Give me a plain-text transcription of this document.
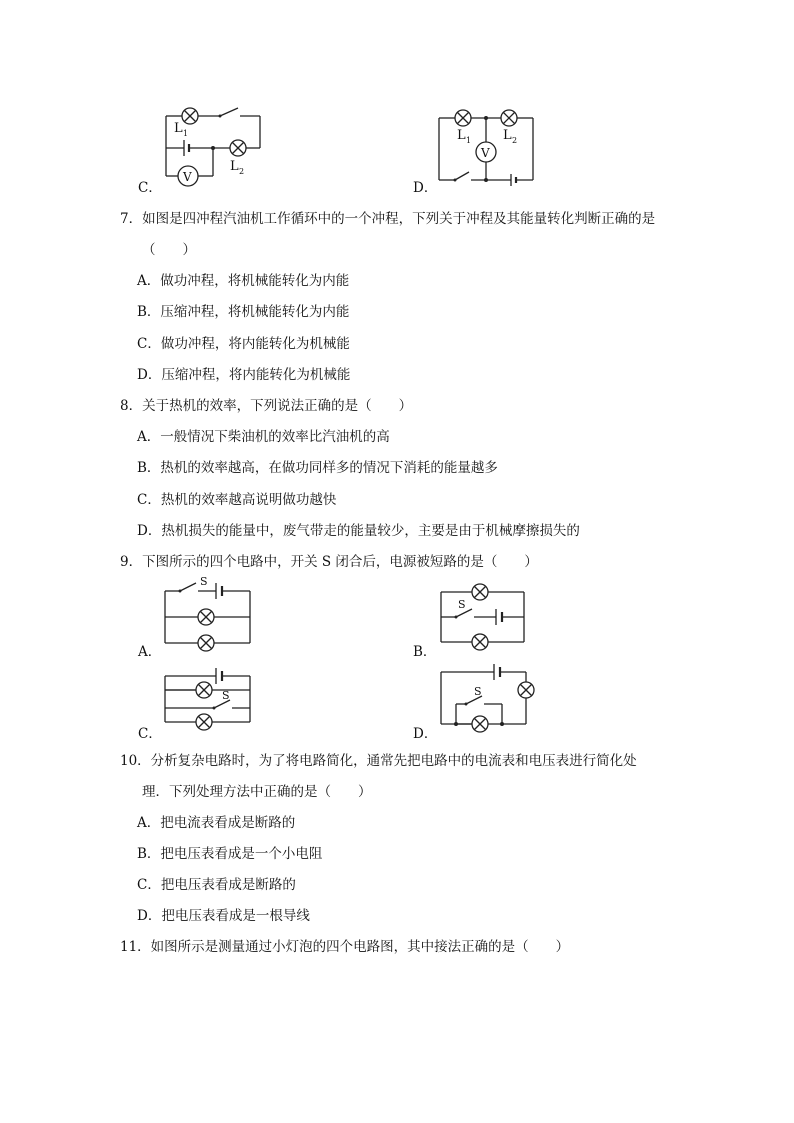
C．
V
L 1
L 2
D．
V
L 1 L 2
7．如图是四冲程汽油机工作循环中的一个冲程，下列关于冲程及其能量转化判断正确的是
（　　）
A．做功冲程，将机械能转化为内能
B．压缩冲程，将机械能转化为内能
C．做功冲程，将内能转化为机械能
D．压缩冲程，将内能转化为机械能
8．关于热机的效率，下列说法正确的是（　　）
A．一般情况下柴油机的效率比汽油机的高
B．热机的效率越高，在做功同样多的情况下消耗的能量越多
C．热机的效率越高说明做功越快
D．热机损失的能量中，废气带走的能量较少，主要是由于机械摩擦损失的
9．下图所示的四个电路中，开关 S 闭合后，电源被短路的是（　　）
A．
S
B．
S
C．
S
D．
S
10．分析复杂电路时，为了将电路简化，通常先把电路中的电流表和电压表进行简化处
理．下列处理方法中正确的是（　　）
A．把电流表看成是断路的
B．把电压表看成是一个小电阻
C．把电压表看成是断路的
D．把电压表看成是一根导线
11．如图所示是测量通过小灯泡的四个电路图，其中接法正确的是（　　）
